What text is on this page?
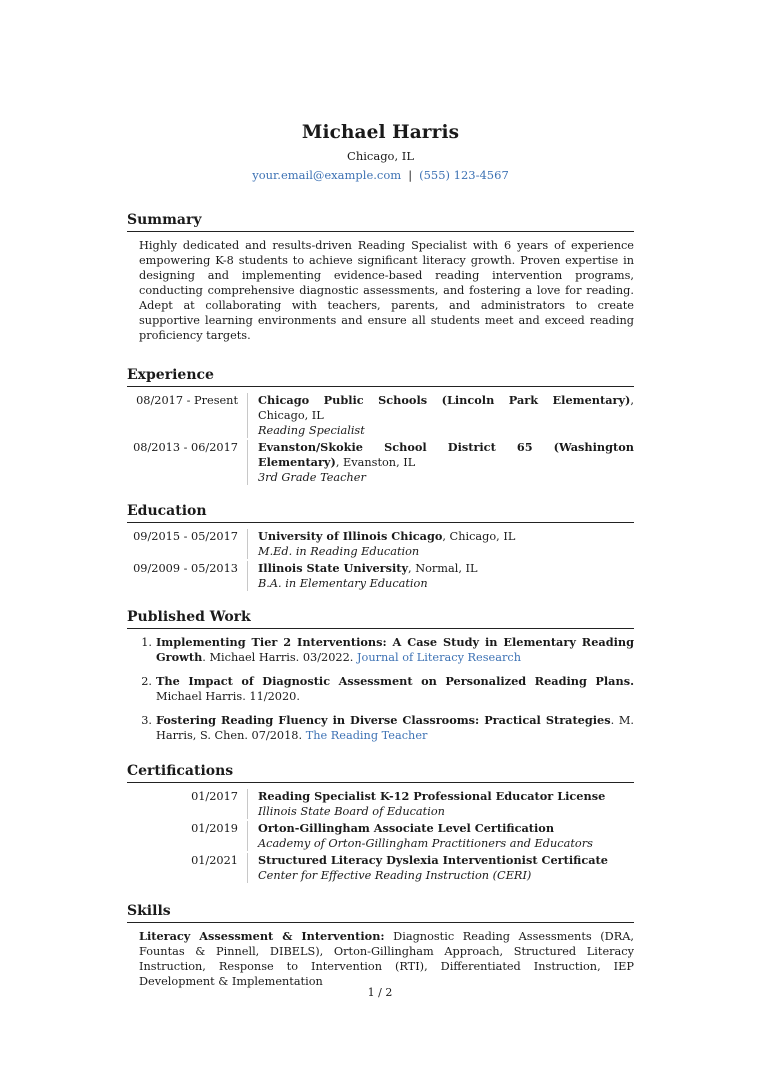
Michael Harris
Chicago, IL
your.email@example.com | (555) 123-4567
Summary
Highly dedicated and results-driven Reading Specialist with 6 years of experience empowering K-8 students to achieve significant literacy growth. Proven expertise in designing and implementing evidence-based reading intervention programs, conducting comprehensive diagnostic assessments, and fostering a love for reading. Adept at collaborating with teachers, parents, and administrators to create supportive learning environments and ensure all students meet and exceed reading proficiency targets.
Experience
08/2017 - Present	Chicago Public Schools (Lincoln Park Elementary), Chicago, IL
Reading Specialist
08/2013 - 06/2017	Evanston/Skokie School District 65 (Washington Elementary), Evanston, IL
3rd Grade Teacher
Education
09/2015 - 05/2017	University of Illinois Chicago, Chicago, IL
M.Ed. in Reading Education
09/2009 - 05/2013	Illinois State University, Normal, IL
B.A. in Elementary Education
Published Work
1. Implementing Tier 2 Interventions: A Case Study in Elementary Reading Growth. Michael Harris. 03/2022. Journal of Literacy Research
2. The Impact of Diagnostic Assessment on Personalized Reading Plans. Michael Harris. 11/2020.
3. Fostering Reading Fluency in Diverse Classrooms: Practical Strategies. M. Harris, S. Chen. 07/2018. The Reading Teacher
Certifications
01/2017	Reading Specialist K-12 Professional Educator License
Illinois State Board of Education
01/2019	Orton-Gillingham Associate Level Certification
Academy of Orton-Gillingham Practitioners and Educators
01/2021	Structured Literacy Dyslexia Interventionist Certificate
Center for Effective Reading Instruction (CERI)
Skills
Literacy Assessment & Intervention: Diagnostic Reading Assessments (DRA, Fountas & Pinnell, DIBELS), Orton-Gillingham Approach, Structured Literacy Instruction, Response to Intervention (RTI), Differentiated Instruction, IEP Development & Implementation
1 / 2
